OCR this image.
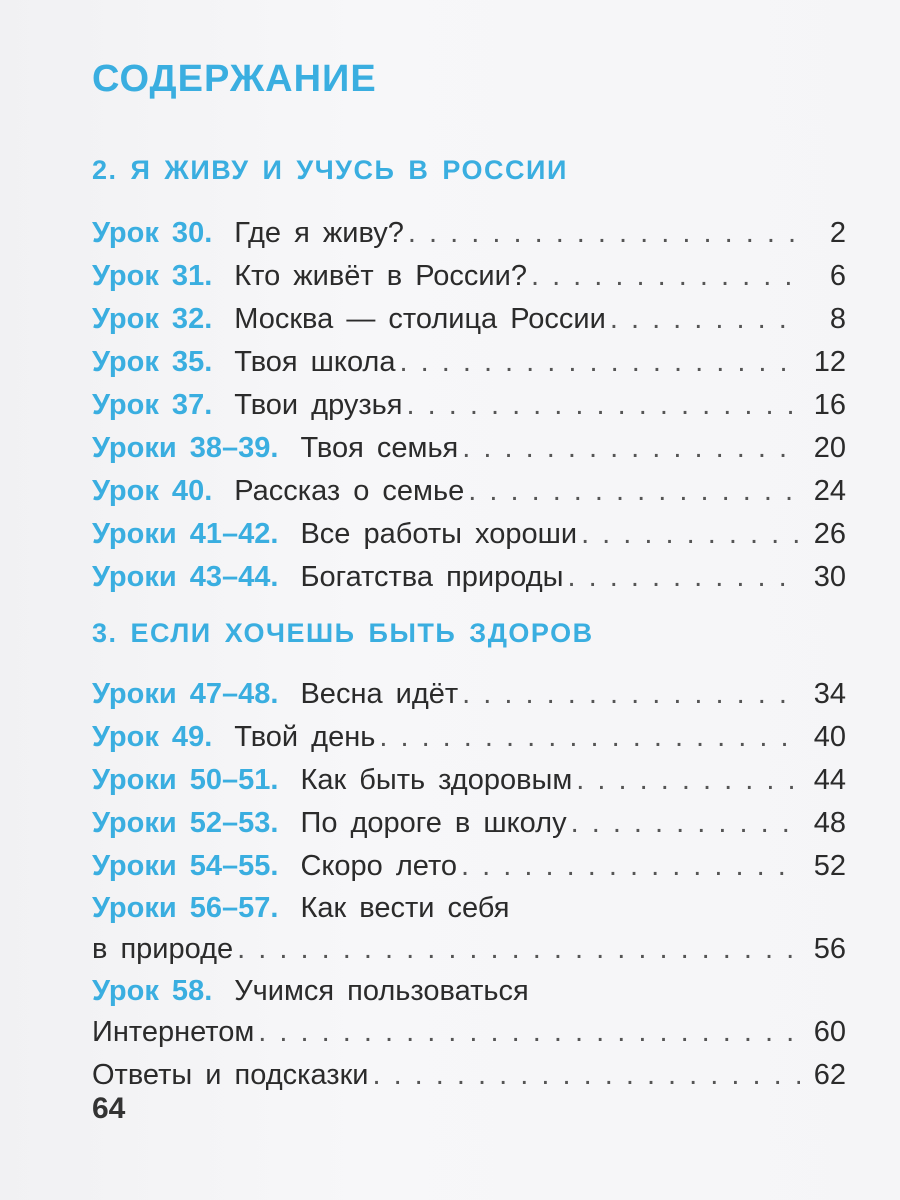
СОДЕРЖАНИЕ
2. Я ЖИВУ И УЧУСЬ В РОССИИ
Урок 30. Где я живу? . . .	2
Урок 31. Кто живёт в России? . . .	6
Урок 32. Москва — столица России . . .	8
Урок 35. Твоя школа . . .	12
Урок 37. Твои друзья . . .	16
Уроки 38–39. Твоя семья . . .	20
Урок 40. Рассказ о семье . . .	24
Уроки 41–42. Все работы хороши . . .	26
Уроки 43–44. Богатства природы . . .	30
3. ЕСЛИ ХОЧЕШЬ БЫТЬ ЗДОРОВ
Уроки 47–48. Весна идёт . . .	34
Урок 49. Твой день . . .	40
Уроки 50–51. Как быть здоровым . . .	44
Уроки 52–53. По дороге в школу . . .	48
Уроки 54–55. Скоро лето . . .	52
Уроки 56–57. Как вести себя
в природе . . .	56
Урок 58. Учимся пользоваться
Интернетом . . .	60
Ответы и подсказки . . .	62
64
